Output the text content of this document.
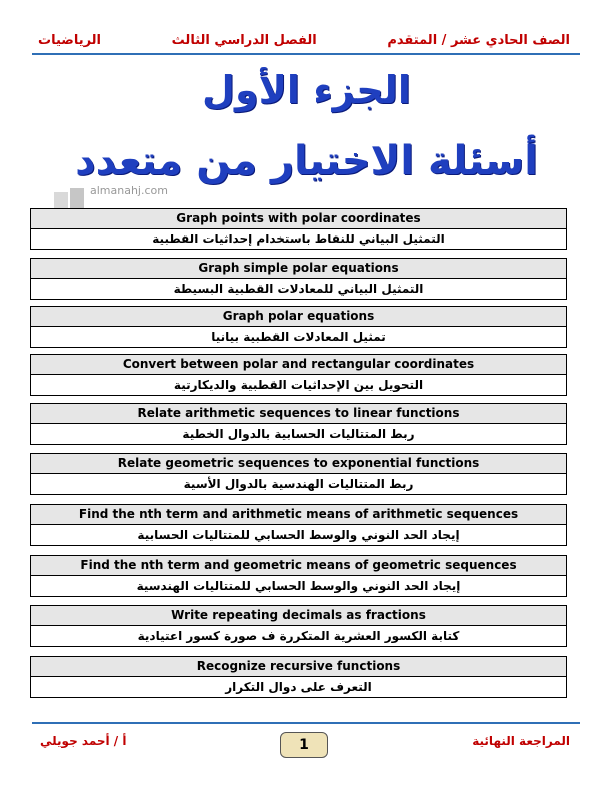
الصف الحادي عشر / المتقدم
الفصل الدراسي الثالث
الرياضيات
الجزء الأول
أسئلة الاختيار من متعدد
almanahj.com
Graph points with polar coordinates
التمثيل البياني للنقاط باستخدام إحداثيات القطبية
Graph simple polar equations
التمثيل البياني للمعادلات القطبية البسيطة
Graph polar equations
تمثيل المعادلات القطبية بيانيا
Convert between polar and rectangular coordinates
التحويل بين الإحداثيات القطبية والديكارتية
Relate arithmetic sequences to linear functions
ربط المتتاليات الحسابية بالدوال الخطية
Relate geometric sequences to exponential functions
ربط المتتاليات الهندسية بالدوال الأسية
Find the nth term and arithmetic means of arithmetic sequences
إيجاد الحد النوني والوسط الحسابي للمتتاليات الحسابية
Find the nth term and geometric means of geometric sequences
إيجاد الحد النوني والوسط الحسابي للمتتاليات الهندسية
Write repeating decimals as fractions
كتابة الكسور العشرية المتكررة ف صورة كسور اعتيادية
Recognize recursive functions
التعرف على دوال التكرار
أ / أحمد جويلي	1	المراجعة النهائية
